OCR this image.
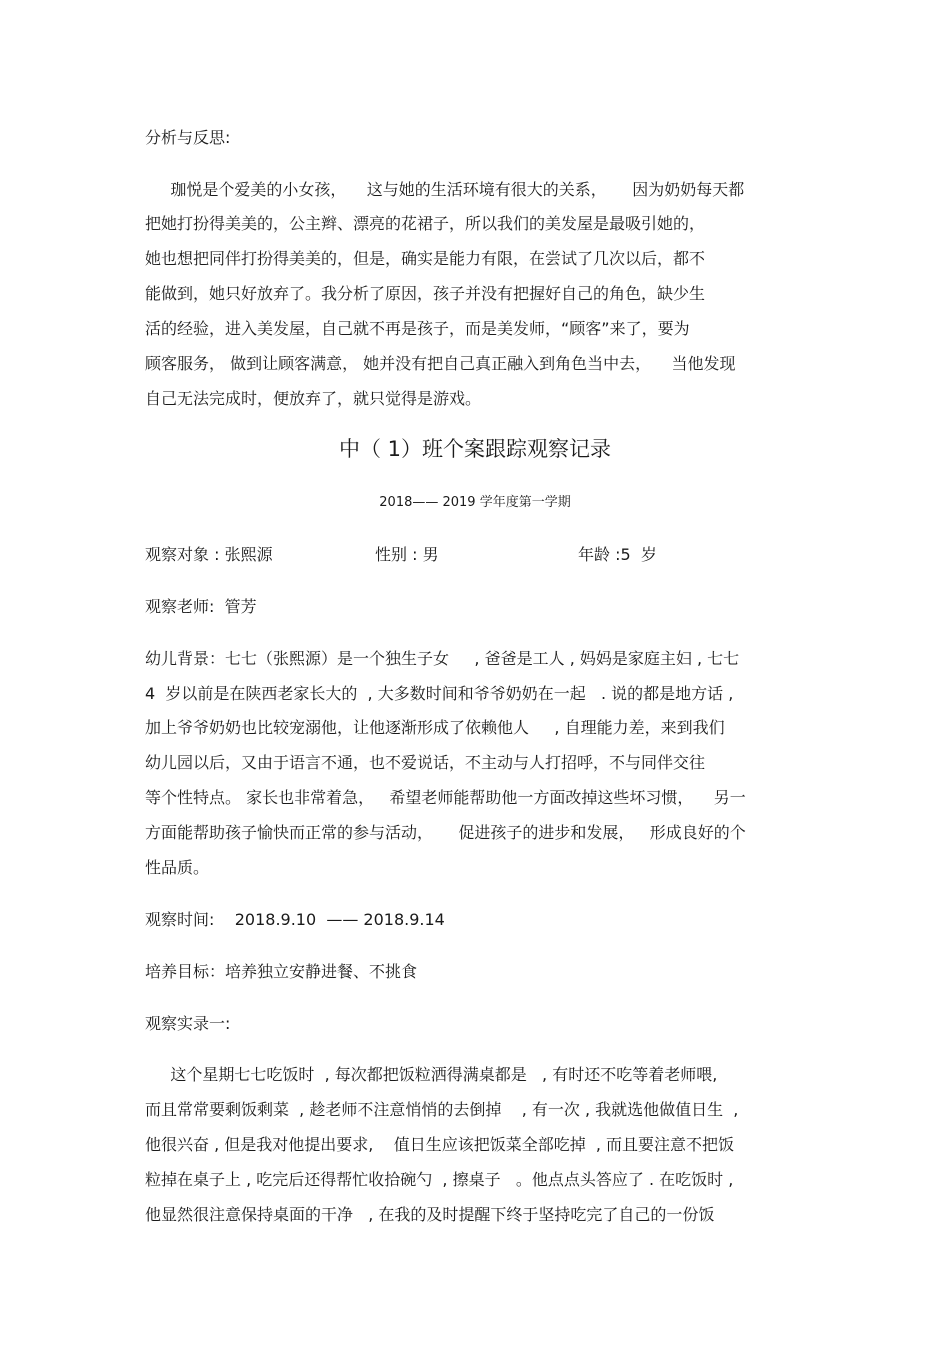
分析与反思:
珈悦是个爱美的小女孩，    这与她的生活环境有很大的关系，     因为奶奶每天都
把她打扮得美美的，公主辫、漂亮的花裙子，所以我们的美发屋是最吸引她的，
她也想把同伴打扮得美美的，但是，确实是能力有限，在尝试了几次以后，都不
能做到，她只好放弃了。我分析了原因，孩子并没有把握好自己的角色，缺少生
活的经验，进入美发屋，自己就不再是孩子，而是美发师，“顾客”来了，要为
顾客服务， 做到让顾客满意， 她并没有把自己真正融入到角色当中去，    当他发现
自己无法完成时，便放弃了，就只觉得是游戏。
中（ 1）班个案跟踪观察记录
2018—— 2019 学年度第一学期
观察对象 : 张熙源	性别 : 男	年龄 :5  岁
观察老师:  管芳
幼儿背景：七七（张熙源）是一个独生子女     , 爸爸是工人 , 妈妈是家庭主妇 , 七七
4  岁以前是在陕西老家长大的  , 大多数时间和爷爷奶奶在一起   . 说的都是地方话 ,
加上爷爷奶奶也比较宠溺他，让他逐渐形成了依赖他人     , 自理能力差，来到我们
幼儿园以后，又由于语言不通，也不爱说话，不主动与人打招呼，不与同伴交往
等个性特点。 家长也非常着急，   希望老师能帮助他一方面改掉这些坏习惯，    另一
方面能帮助孩子愉快而正常的参与活动，     促进孩子的进步和发展，   形成良好的个
性品质。
观察时间:    2018.9.10  —— 2018.9.14
培养目标：培养独立安静进餐、不挑食
观察实录一:
这个星期七七吃饭时  , 每次都把饭粒洒得满桌都是   , 有时还不吃等着老师喂,
而且常常要剩饭剩菜  , 趁老师不注意悄悄的去倒掉    , 有一次 , 我就选他做值日生  ,
他很兴奋 , 但是我对他提出要求,    值日生应该把饭菜全部吃掉  , 而且要注意不把饭
粒掉在桌子上 , 吃完后还得帮忙收拾碗勺  , 擦桌子   。他点点头答应了 . 在吃饭时 ,
他显然很注意保持桌面的干净   , 在我的及时提醒下终于坚持吃完了自己的一份饭
